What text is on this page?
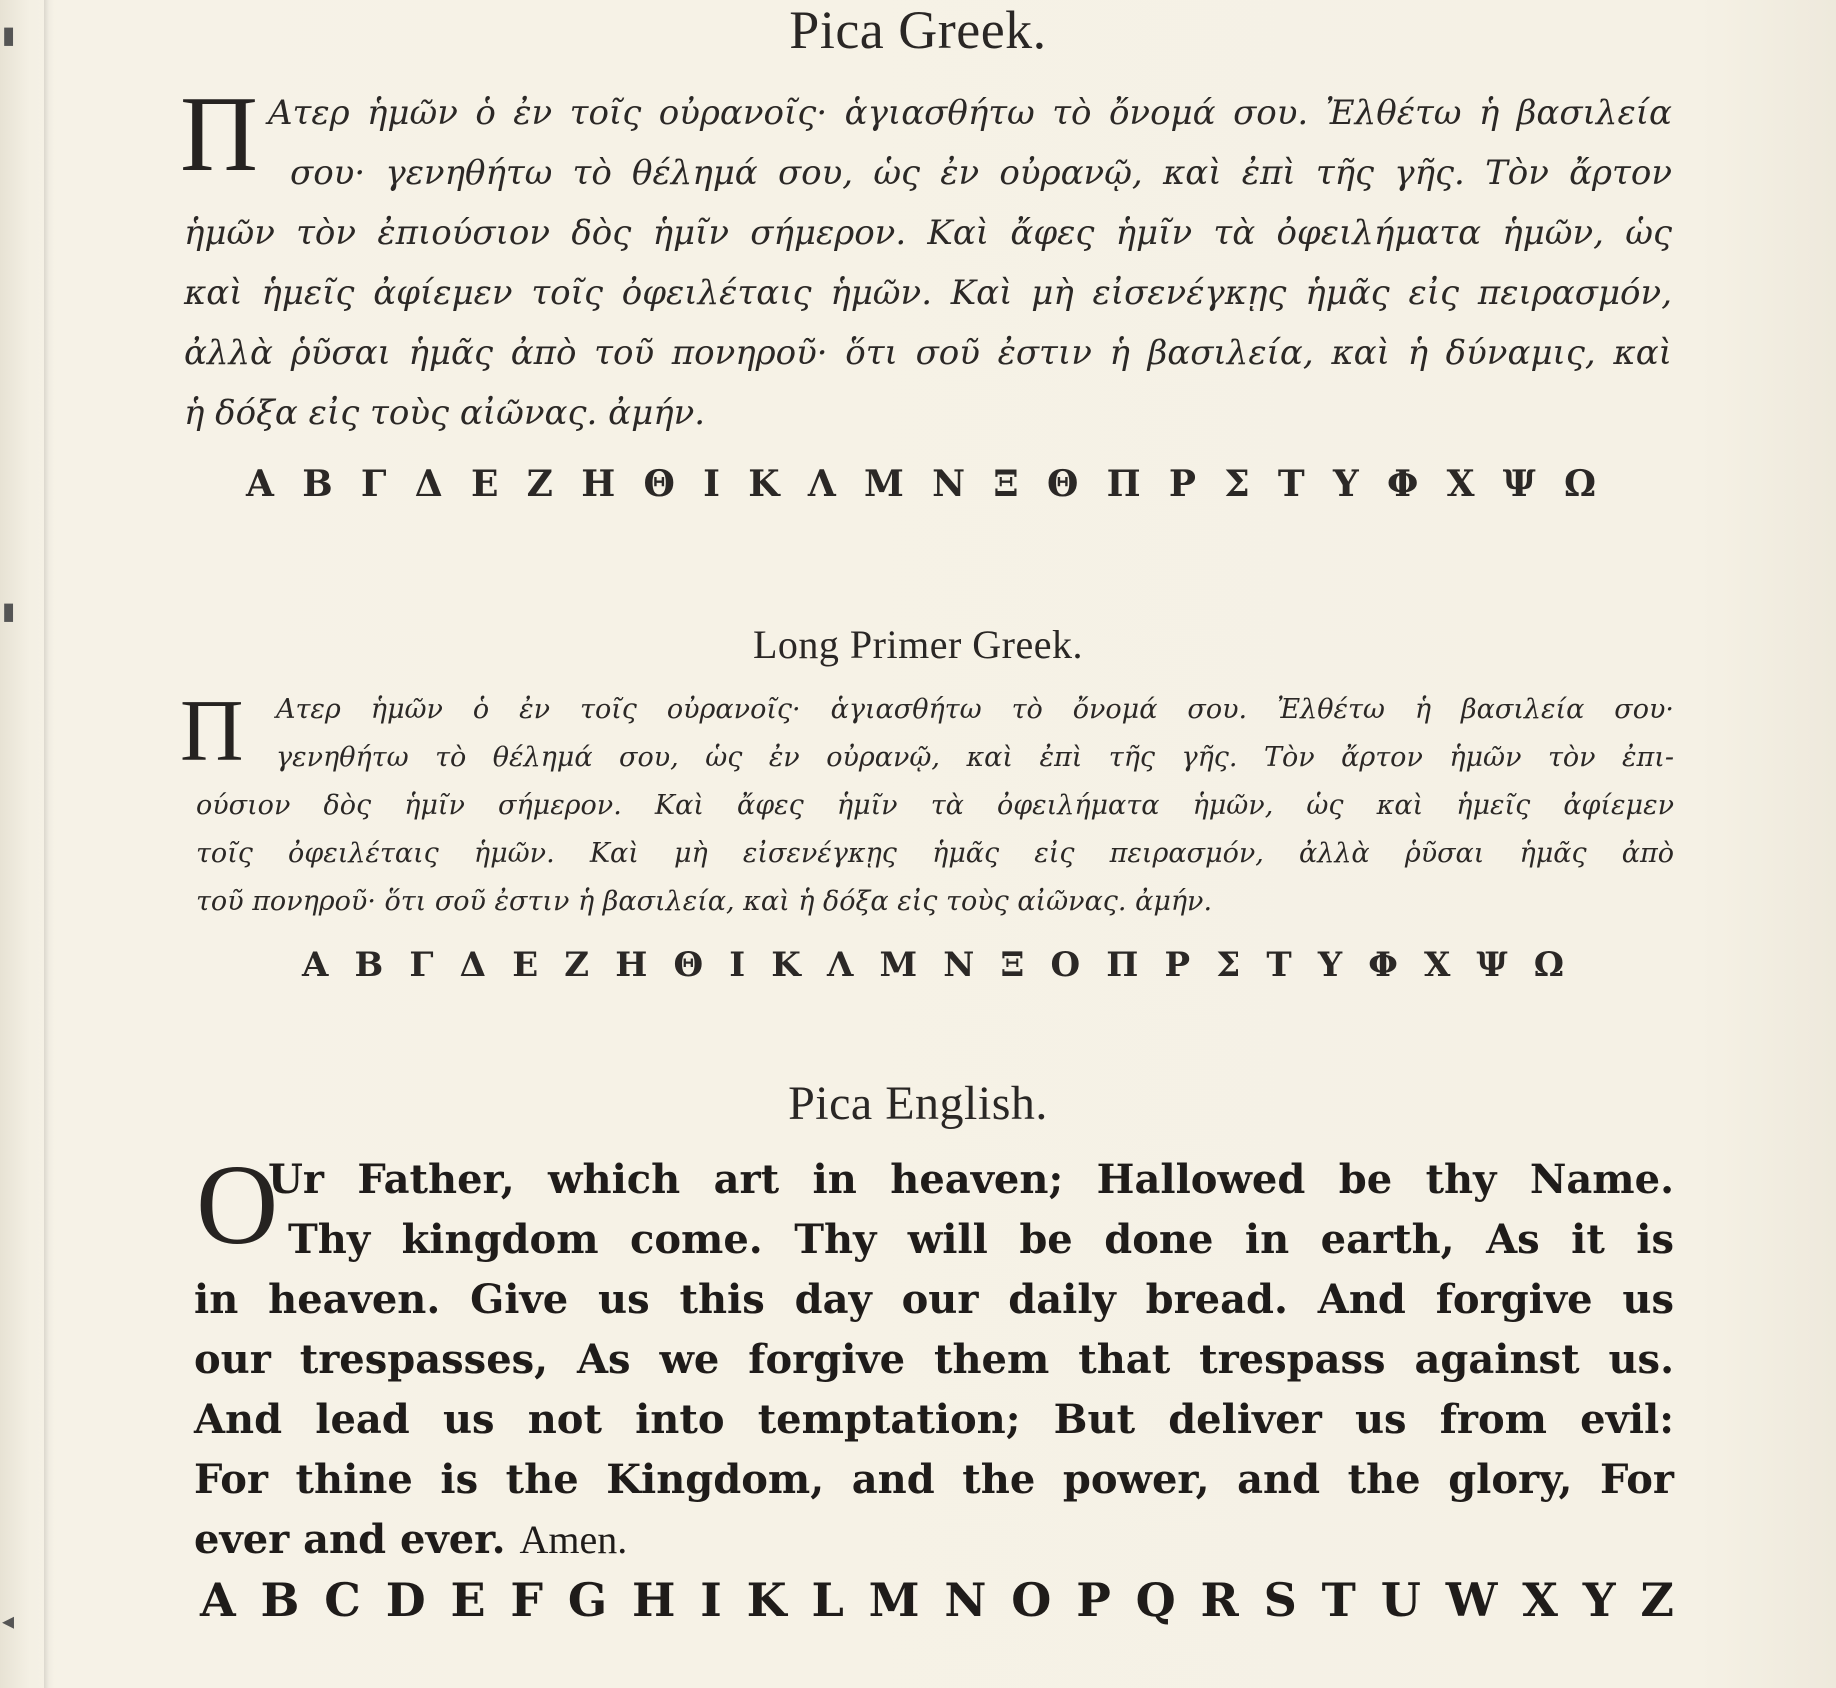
▮
▮
◂
Pica Greek.
Π Ατερ ἡμῶν ὁ ἐν τοῖς οὐρανοῖς· ἁγιασθήτω τὸ ὄνομά σου. Ἐλθέτω ἡ βασιλεία
σου· γενηθήτω τὸ θέλημά σου, ὡς ἐν οὐρανῷ, καὶ ἐπὶ τῆς γῆς. Τὸν ἄρτον
ἡμῶν τὸν ἐπιούσιον δὸς ἡμῖν σήμερον. Καὶ ἄφες ἡμῖν τὰ ὀφειλήματα ἡμῶν, ὡς
καὶ ἡμεῖς ἀφίεμεν τοῖς ὀφειλέταις ἡμῶν. Καὶ μὴ εἰσενέγκῃς ἡμᾶς εἰς πειρασμόν,
ἀλλὰ ῥῦσαι ἡμᾶς ἀπὸ τοῦ πονηροῦ· ὅτι σοῦ ἐστιν ἡ βασιλεία, καὶ ἡ δύναμις, καὶ
ἡ δόξα εἰς τοὺς αἰῶνας. ἀμήν.
Α Β Γ Δ Ε Ζ Η Θ Ι Κ Λ Μ Ν Ξ Θ Π Ρ Σ Τ Υ Φ Χ Ψ Ω
Long Primer Greek.
Π Ατερ ἡμῶν ὁ ἐν τοῖς οὐρανοῖς· ἁγιασθήτω τὸ ὄνομά σου. Ἐλθέτω ἡ βασιλεία σου·
γενηθήτω τὸ θέλημά σου, ὡς ἐν οὐρανῷ, καὶ ἐπὶ τῆς γῆς. Τὸν ἄρτον ἡμῶν τὸν ἐπι-
ούσιον δὸς ἡμῖν σήμερον. Καὶ ἄφες ἡμῖν τὰ ὀφειλήματα ἡμῶν, ὡς καὶ ἡμεῖς ἀφίεμεν
τοῖς ὀφειλέταις ἡμῶν. Καὶ μὴ εἰσενέγκῃς ἡμᾶς εἰς πειρασμόν, ἀλλὰ ῥῦσαι ἡμᾶς ἀπὸ
τοῦ πονηροῦ· ὅτι σοῦ ἐστιν ἡ βασιλεία, καὶ ἡ δόξα εἰς τοὺς αἰῶνας. ἀμήν.
Α Β Γ Δ Ε Ζ Η Θ Ι Κ Λ Μ Ν Ξ Ο Π Ρ Σ Τ Υ Φ Χ Ψ Ω
Pica English.
O
Ur Father, which art in heaven; Hallowed be thy Name.
Thy kingdom come. Thy will be done in earth, As it is
in heaven. Give us this day our daily bread. And forgive us
our trespasses, As we forgive them that trespass against us.
And lead us not into temptation; But deliver us from evil:
For thine is the Kingdom, and the power, and the glory, For
ever and ever. Amen.
A B C D E F G H I K L M N O P Q R S T U W X Y Z
